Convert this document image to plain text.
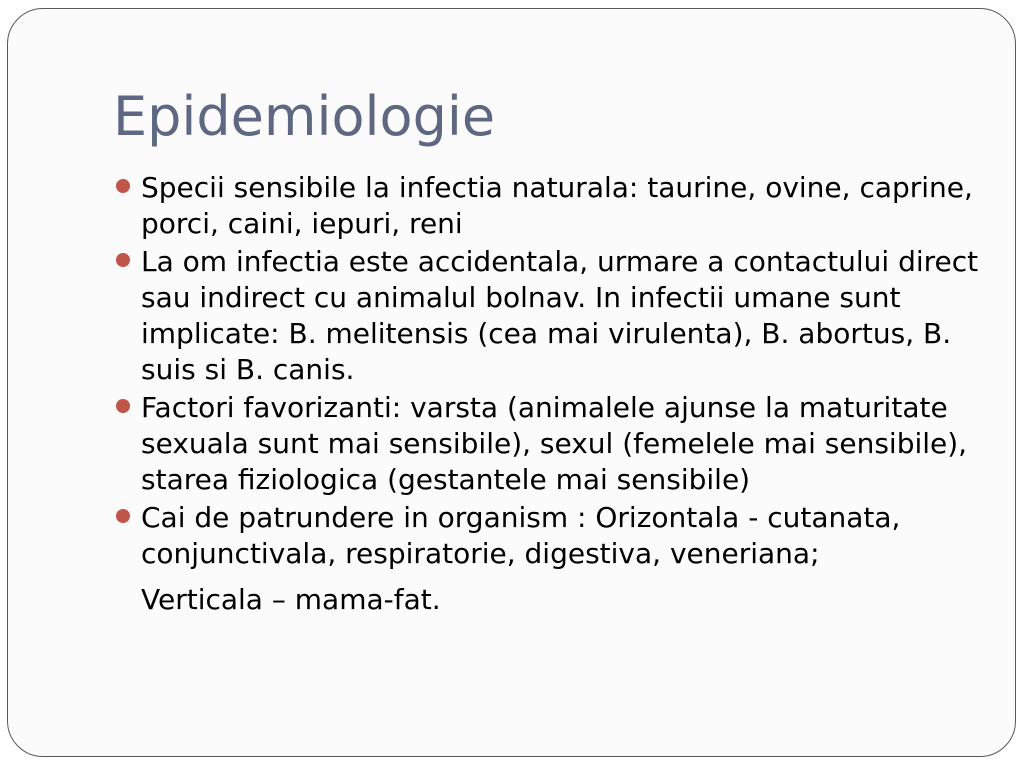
Epidemiologie
Specii sensibile la infectia naturala: taurine, ovine, caprine, porci, caini, iepuri, reni
La om infectia este accidentala, urmare a contactului direct sau indirect cu animalul bolnav. In infectii umane sunt implicate: B. melitensis (cea mai virulenta), B. abortus, B. suis si B. canis.
Factori favorizanti: varsta (animalele ajunse la maturitate sexuala sunt mai sensibile), sexul (femelele mai sensibile), starea fiziologica (gestantele mai sensibile)
Cai de patrundere in organism : Orizontala - cutanata, conjunctivala, respiratorie, digestiva, veneriana;
Verticala – mama-fat.
